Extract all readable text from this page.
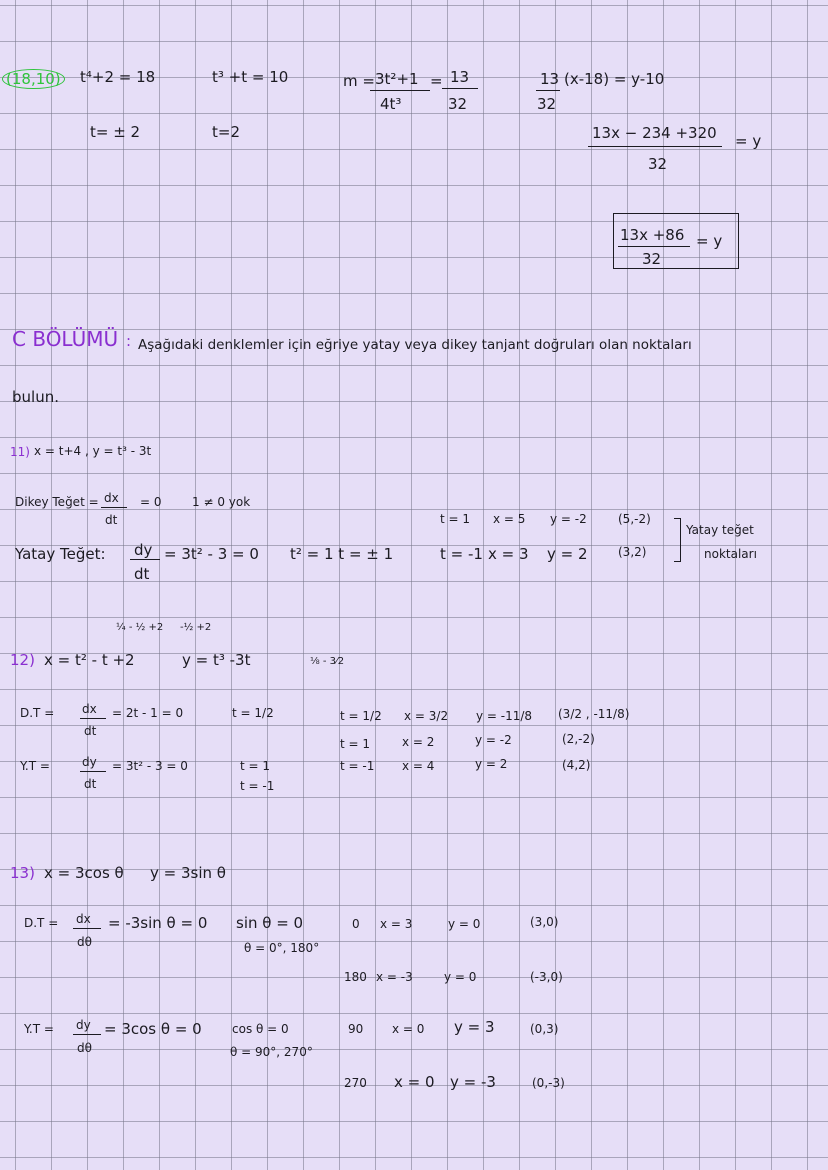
(18,10) t⁴+2 = 18
t= ± 2
t³ +t = 10
t=2
m = 3t²+1
4t³
= 13
32
13
32
(x-18) = y-10
13x − 234 +320
32
= y
13x +86
32
= y
C BÖLÜMÜ : Aşağıdaki denklemler için eğriye yatay veya dikey tanjant doğruları olan noktaları
bulun.
11) x = t+4 , y = t³ - 3t
Dikey Teğet = dx
dt
= 0	1 ≠ 0 yok
Yatay Teğet: dy
dt
= 3t² - 3 = 0 t² = 1 t = ± 1
t = 1 x = 5 y = -2	(5,-2)
t = -1 x = 3 y = 2	(3,2)
Yatay teğet
noktaları
¼ - ½ +2 -½ +2
⅛ - 3⁄2
12) x = t² - t +2	y = t³ -3t
D.T = dx
dt
= 2t - 1 = 0	t = 1/2
Y.T =	dy
dt
= 3t² - 3 = 0	t = 1
t = -1
t = 1/2 x = 3/2 y = -11/8 (3/2 , -11/8)
t = 1	x = 2	y = -2	(2,-2)
t = -1 x = 4	y = 2	(4,2)
13) x = 3cos θ y = 3sin θ
D.T = dx
dθ
= -3sin θ = 0 sin θ = 0
θ = 0°, 180°
Y.T = dy
dθ
= 3cos θ = 0	cos θ = 0
θ = 90°, 270°
0 x = 3	y = 0	(3,0)
180 x = -3	y = 0	(-3,0)
90 x = 0 y = 3	(0,3)
270 x = 0 y = -3	(0,-3)
